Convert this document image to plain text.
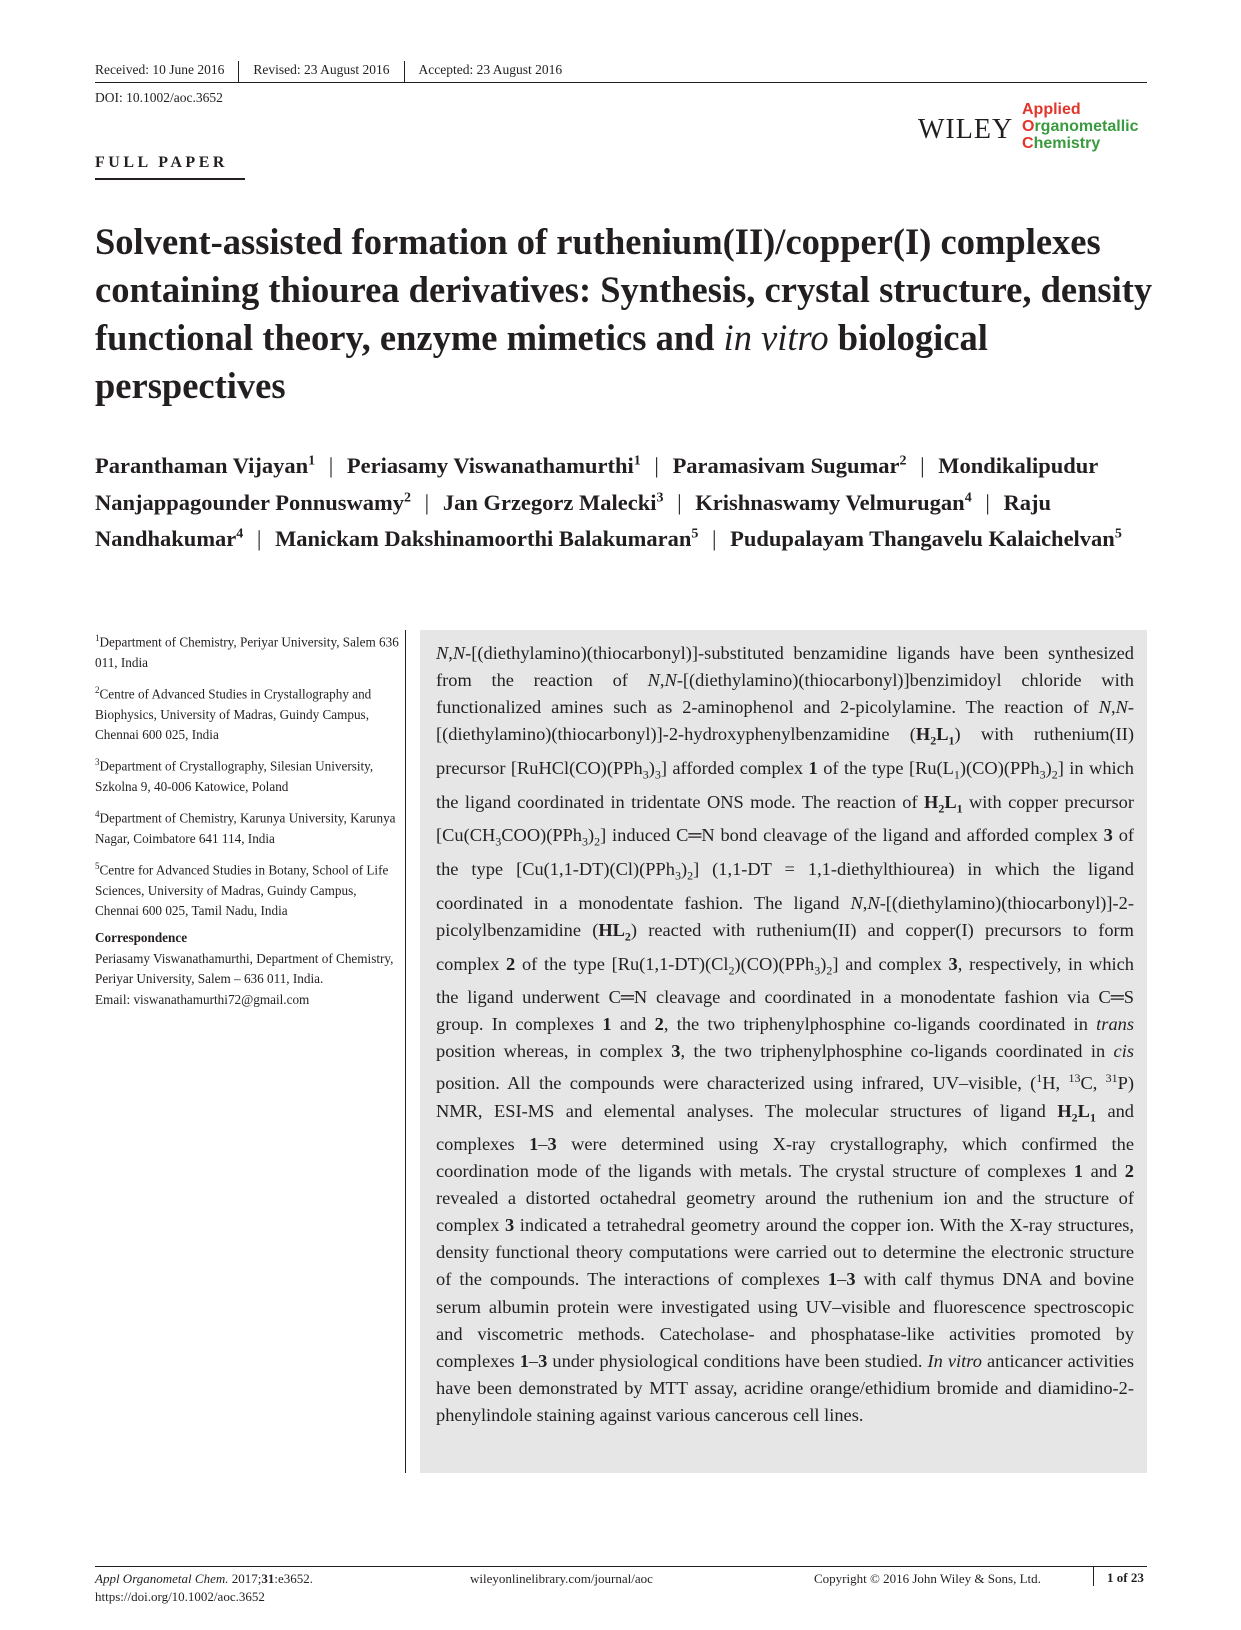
Received: 10 June 2016 Revised: 23 August 2016 Accepted: 23 August 2016
DOI: 10.1002/aoc.3652
WILEY
Applied
Organometallic
Chemistry
FULL PAPER
Solvent-assisted formation of ruthenium(II)/copper(I) complexes containing thiourea derivatives: Synthesis, crystal structure, density functional theory, enzyme mimetics and in vitro biological perspectives
Paranthaman Vijayan$^1$ | Periasamy Viswanathamurthi$^1$ | Paramasivam Sugumar$^2$ | Mondikalipudur Nanjappagounder Ponnuswamy$^2$ | Jan Grzegorz Malecki$^3$ | Krishnaswamy Velmurugan$^4$ | Raju Nandhakumar$^4$ | Manickam Dakshinamoorthi Balakumaran$^5$ | Pudupalayam Thangavelu Kalaichelvan$^5$

$^1$Department of Chemistry, Periyar University, Salem 636 011, India

$^2$Centre of Advanced Studies in Crystallography and Biophysics, University of Madras, Guindy Campus, Chennai 600 025, India

$^3$Department of Crystallography, Silesian University, Szkolna 9, 40-006 Katowice, Poland

$^4$Department of Chemistry, Karunya University, Karunya Nagar, Coimbatore 641 114, India

$^5$Centre for Advanced Studies in Botany, School of Life Sciences, University of Madras, Guindy Campus, Chennai 600 025, Tamil Nadu, India

Correspondence

Periasamy Viswanathamurthi, Department of Chemistry, Periyar University, Salem – 636 011, India.

Email: viswanathamurthi72@gmail.com

N,N-[(diethylamino)(thiocarbonyl)]-substituted benzamidine ligands have been synthesized from the reaction of N,N-[(diethylamino)(thiocarbonyl)]benzimidoyl chloride with functionalized amines such as 2-aminophenol and 2-picolylamine. The reaction of N,N-[(diethylamino)(thiocarbonyl)]-2-hydroxyphenylbenzamidine $(H_2L_1)$ with ruthenium(II) precursor $[RuHCl(CO)(PPh_3)_3]$ afforded complex 1 of the type $[Ru(L_1)(CO)(PPh_3)_2]$ in which the ligand coordinated in tridentate ONS mode. The reaction of $H_2L_1$ with copper precursor $[Cu(CH_3COO)(PPh_3)_2]$ induced C═N bond cleavage of the ligand and afforded complex 3 of the type $[Cu(1,1-DT)(Cl)(PPh_3)_2] (1,1-DT$ = 1,1-diethylthiourea) in which the ligand coordinated in a monodentate fashion. The ligand N,N-[(diethylamino)(thiocarbonyl)]-2-picolylbenzamidine $(HL_2)$ reacted with ruthenium(II) and copper(I) precursors to form complex 2 of the type $[Ru(1,1-DT)(Cl_2)(CO)(PPh_3)_2]$ and complex 3, respectively, in which the ligand underwent C═N cleavage and coordinated in a monodentate fashion via C═S group. In complexes 1 and 2, the two triphenylphosphine co-ligands coordinated in trans position whereas, in complex 3, the two triphenylphosphine co-ligands coordinated in cis position. All the compounds were characterized using infrared, UV–visible, ($^1$H, $^{13}$C, $^{31}$P) NMR, ESI-MS and elemental analyses. The molecular structures of ligand $H_2L_1$ and complexes 1–3 were determined using X-ray crystallography, which confirmed the coordination mode of the ligands with metals. The crystal structure of complexes 1 and 2 revealed a distorted octahedral geometry around the ruthenium ion and the structure of complex 3 indicated a tetrahedral geometry around the copper ion. With the X-ray structures, density functional theory computations were carried out to determine the electronic structure of the compounds. The interactions of complexes 1–3 with calf thymus DNA and bovine serum albumin protein were investigated using UV–visible and fluorescence spectroscopic and viscometric methods. Catecholase- and phosphatase-like activities promoted by complexes 1–3 under physiological conditions have been studied. In vitro anticancer activities have been demonstrated by MTT assay, acridine orange/ethidium bromide and diamidino-2-phenylindole staining against various cancerous cell lines.
Appl Organometal Chem. 2017;31:e3652.
https://doi.org/10.1002/aoc.3652
wileyonlinelibrary.com/journal/aoc	Copyright © 2016 John Wiley & Sons, Ltd.	1 of 23
